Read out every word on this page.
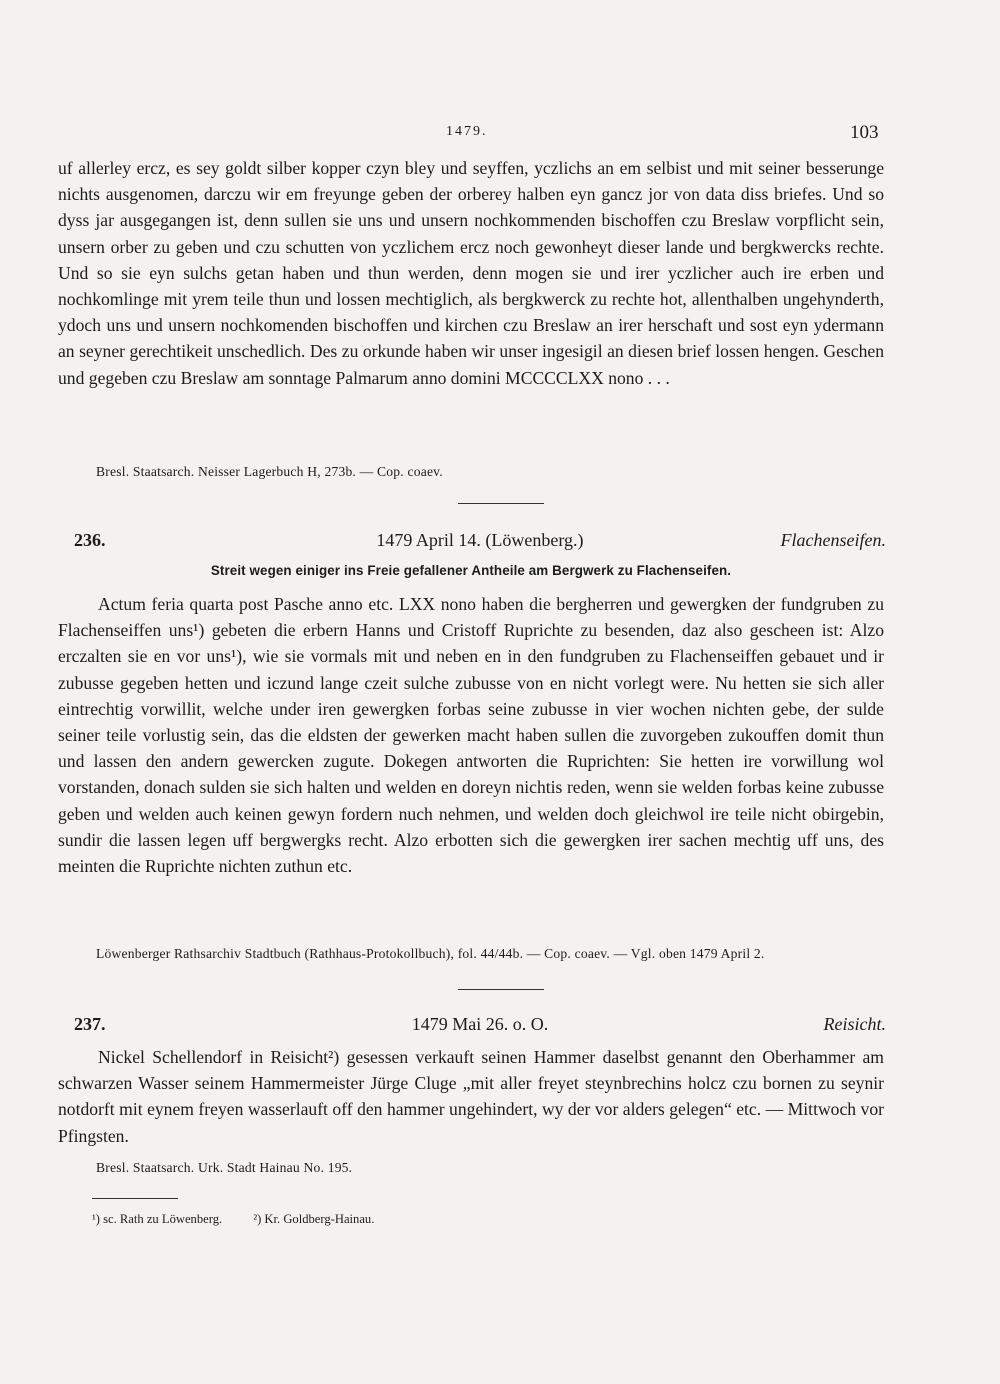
1479.	103

uf allerley ercz, es sey goldt silber kopper czyn bley und seyffen, yczlichs an em selbist und mit seiner besserunge nichts ausgenomen, darczu wir em freyunge geben der orberey halben eyn gancz jor von data diss briefes. Und so dyss jar ausgegangen ist, denn sullen sie uns und unsern nochkommenden bischoffen czu Breslaw vorpflicht sein, unsern orber zu geben und czu schutten von yczlichem ercz noch gewonheyt dieser lande und bergkwercks rechte. Und so sie eyn sulchs getan haben und thun werden, denn mogen sie und irer yczlicher auch ire erben und nochkomlinge mit yrem teile thun und lossen mechtiglich, als bergkwerck zu rechte hot, allenthalben ungehynderth, ydoch uns und unsern nochkomenden bischoffen und kirchen czu Breslaw an irer herschaft und sost eyn ydermann an seyner gerechtikeit unschedlich. Des zu orkunde haben wir unser ingesigil an diesen brief lossen hengen. Geschen und gegeben czu Breslaw am sonntage Palmarum anno domini MCCCCLXX nono . . .

Bresl. Staatsarch. Neisser Lagerbuch H, 273b. — Cop. coaev.

236.	1479 April 14. (Löwenberg.)	Flachenseifen.
Streit wegen einiger ins Freie gefallener Antheile am Bergwerk zu Flachenseifen.

Actum feria quarta post Pasche anno etc. LXX nono haben die bergherren und gewergken der fundgruben zu Flachenseiffen uns¹) gebeten die erbern Hanns und Cristoff Ruprichte zu besenden, daz also gescheen ist: Alzo erczalten sie en vor uns¹), wie sie vormals mit und neben en in den fundgruben zu Flachenseiffen gebauet und ir zubusse gegeben hetten und iczund lange czeit sulche zubusse von en nicht vorlegt were. Nu hetten sie sich aller eintrechtig vorwillit, welche under iren gewergken forbas seine zubusse in vier wochen nichten gebe, der sulde seiner teile vorlustig sein, das die eldsten der gewerken macht haben sullen die zuvorgeben zukouffen domit thun und lassen den andern gewercken zugute. Dokegen antworten die Ruprichten: Sie hetten ire vorwillung wol vorstanden, donach sulden sie sich halten und welden en doreyn nichtis reden, wenn sie welden forbas keine zubusse geben und welden auch keinen gewyn fordern nuch nehmen, und welden doch gleichwol ire teile nicht obirgebin, sundir die lassen legen uff bergwergks recht. Alzo erbotten sich die gewergken irer sachen mechtig uff uns, des meinten die Ruprichte nichten zuthun etc.

Löwenberger Rathsarchiv Stadtbuch (Rathhaus-Protokollbuch), fol. 44/44b. — Cop. coaev. — Vgl. oben 1479 April 2.

237.	1479 Mai 26. o. O.	Reisicht.

Nickel Schellendorf in Reisicht²) gesessen verkauft seinen Hammer daselbst genannt den Oberhammer am schwarzen Wasser seinem Hammermeister Jürge Cluge „mit aller freyet steynbrechins holcz czu bornen zu seynir notdorft mit eynem freyen wasserlauft off den hammer ungehindert, wy der vor alders gelegen“ etc. — Mittwoch vor Pfingsten.

Bresl. Staatsarch. Urk. Stadt Hainau No. 195.

¹) sc. Rath zu Löwenberg. ²) Kr. Goldberg-Hainau.
